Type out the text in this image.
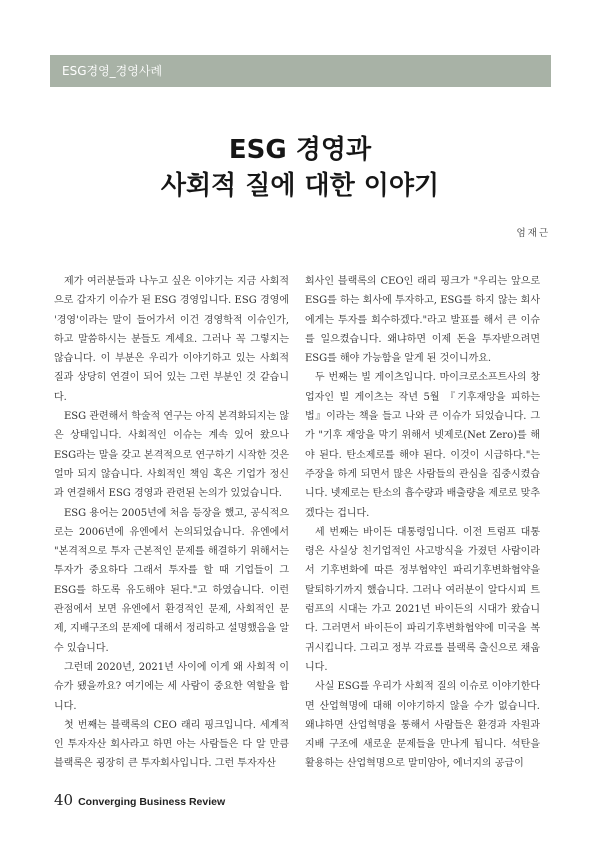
ESG경영_경영사례
ESG 경영과
사회적 질에 대한 이야기
엄재근

제가 여러분들과 나누고 싶은 이야기는 지금 사회적으로 갑자기 이슈가 된 ESG 경영입니다. ESG 경영에 '경영'이라는 말이 들어가서 이건 경영학적 이슈인가, 하고 말씀하시는 분들도 계세요. 그러나 꼭 그렇지는 않습니다. 이 부분은 우리가 이야기하고 있는 사회적 질과 상당히 연결이 되어 있는 그런 부분인 것 같습니다.

ESG 관련해서 학술적 연구는 아직 본격화되지는 않은 상태입니다. 사회적인 이슈는 계속 있어 왔으나 ESG라는 말을 갖고 본격적으로 연구하기 시작한 것은 얼마 되지 않습니다. 사회적인 책임 혹은 기업가 정신과 연결해서 ESG 경영과 관련된 논의가 있었습니다.

ESG 용어는 2005년에 처음 등장을 했고, 공식적으로는 2006년에 유엔에서 논의되었습니다. 유엔에서 "본격적으로 투자 근본적인 문제를 해결하기 위해서는 투자가 중요하다 그래서 투자를 할 때 기업들이 그 ESG를 하도록 유도해야 된다."고 하였습니다. 이런 관점에서 보면 유엔에서 환경적인 문제, 사회적인 문제, 지배구조의 문제에 대해서 정리하고 설명했음을 알 수 있습니다.

그런데 2020년, 2021년 사이에 이게 왜 사회적 이슈가 됐을까요? 여기에는 세 사람이 중요한 역할을 합니다.

첫 번째는 블랙록의 CEO 래리 핑크입니다. 세계적인 투자자산 회사라고 하면 아는 사람들은 다 알 만큼 블랙록은 굉장히 큰 투자회사입니다. 그런 투자자산

회사인 블랙록의 CEO인 래리 핑크가 "우리는 앞으로 ESG를 하는 회사에 투자하고, ESG를 하지 않는 회사에게는 투자를 회수하겠다."라고 발표를 해서 큰 이슈를 일으켰습니다. 왜냐하면 이제 돈을 투자받으려면 ESG를 해야 가능함을 알게 된 것이니까요.

두 번째는 빌 게이츠입니다. 마이크로소프트사의 창업자인 빌 게이츠는 작년 5월 『기후재앙을 피하는 법』이라는 책을 들고 나와 큰 이슈가 되었습니다. 그가 "기후 재앙을 막기 위해서 넷제로(Net Zero)를 해야 된다. 탄소제로를 해야 된다. 이것이 시급하다."는 주장을 하게 되면서 많은 사람들의 관심을 집중시켰습니다. 넷제로는 탄소의 흡수량과 배출량을 제로로 맞추겠다는 겁니다.

세 번째는 바이든 대통령입니다. 이전 트럼프 대통령은 사실상 친기업적인 사고방식을 가졌던 사람이라서 기후변화에 따른 정부협약인 파리기후변화협약을 탈퇴하기까지 했습니다. 그러나 여러분이 알다시피 트럼프의 시대는 가고 2021년 바이든의 시대가 왔습니다. 그러면서 바이든이 파리기후변화협약에 미국을 복귀시킵니다. 그리고 정부 각료를 블랙록 출신으로 채웁니다.

사실 ESG를 우리가 사회적 질의 이슈로 이야기한다면 산업혁명에 대해 이야기하지 않을 수가 없습니다. 왜냐하면 산업혁명을 통해서 사람들은 환경과 자원과 지배 구조에 새로운 문제들을 만나게 됩니다. 석탄을 활용하는 산업혁명으로 말미암아, 에너지의 공급이

40 Converging Business Review
